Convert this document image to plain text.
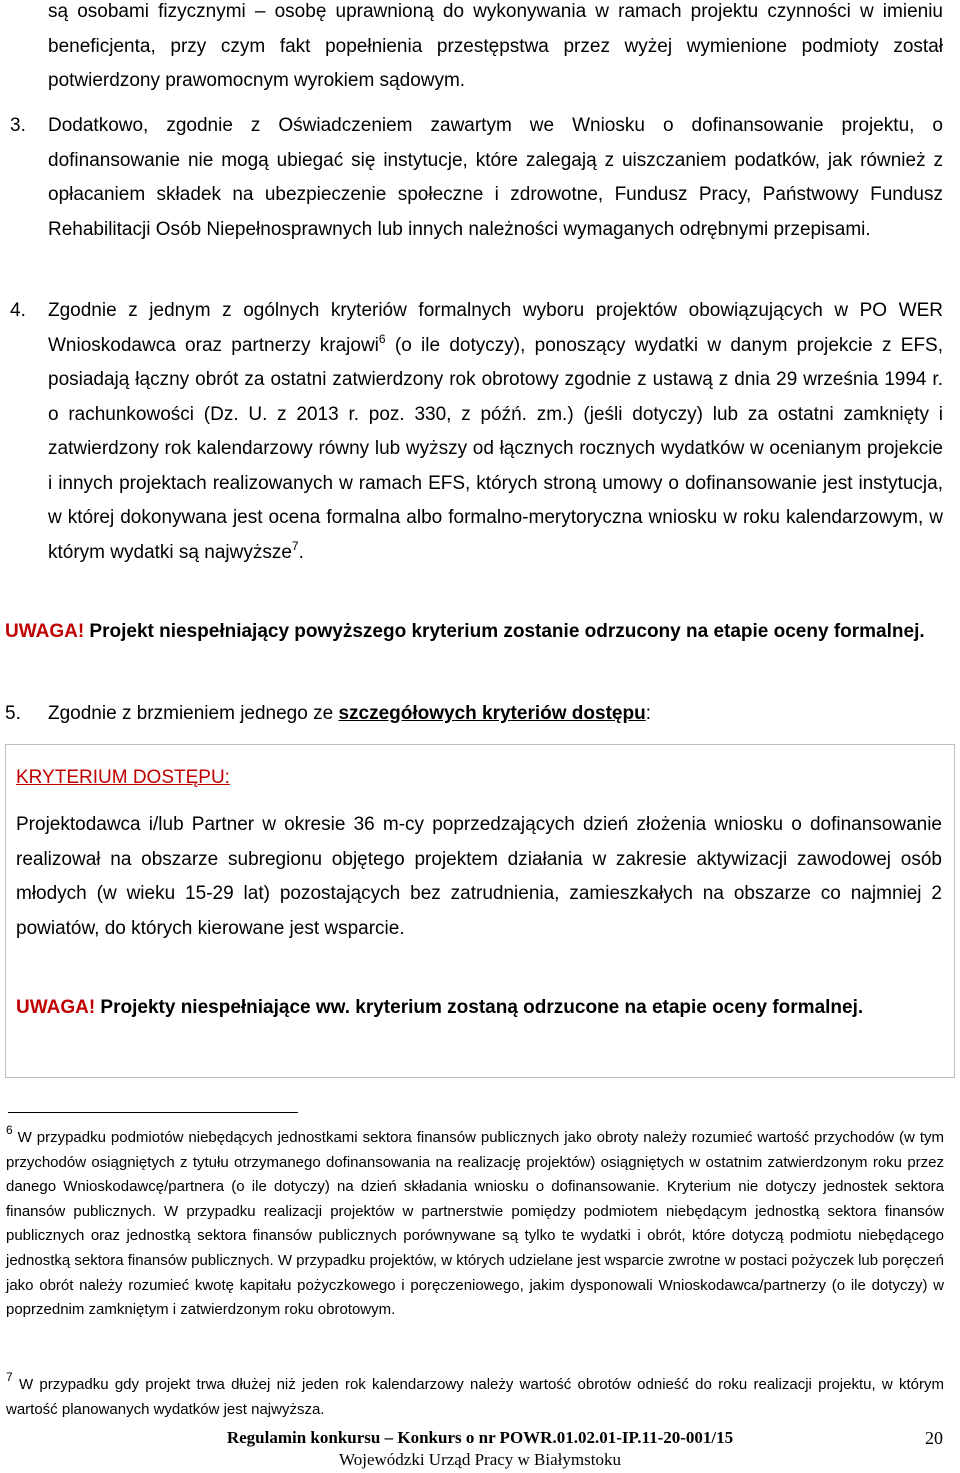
są osobami fizycznymi – osobę uprawnioną do wykonywania w ramach projektu czynności w imieniu beneficjenta, przy czym fakt popełnienia przestępstwa przez wyżej wymienione podmioty został potwierdzony prawomocnym wyrokiem sądowym.
3. Dodatkowo, zgodnie z Oświadczeniem zawartym we Wniosku o dofinansowanie projektu, o dofinansowanie nie mogą ubiegać się instytucje, które zalegają z uiszczaniem podatków, jak również z opłacaniem składek na ubezpieczenie społeczne i zdrowotne, Fundusz Pracy, Państwowy Fundusz Rehabilitacji Osób Niepełnosprawnych lub innych należności wymaganych odrębnymi przepisami.
4. Zgodnie z jednym z ogólnych kryteriów formalnych wyboru projektów obowiązujących w PO WER Wnioskodawca oraz partnerzy krajowi$^6$ (o ile dotyczy), ponoszący wydatki w danym projekcie z EFS, posiadają łączny obrót za ostatni zatwierdzony rok obrotowy zgodnie z ustawą z dnia 29 września 1994 r. o rachunkowości (Dz. U. z 2013 r. poz. 330, z późń. zm.) (jeśli dotyczy) lub za ostatni zamknięty i zatwierdzony rok kalendarzowy równy lub wyższy od łącznych rocznych wydatków w ocenianym projekcie i innych projektach realizowanych w ramach EFS, których stroną umowy o dofinansowanie jest instytucja, w której dokonywana jest ocena formalna albo formalno-merytoryczna wniosku w roku kalendarzowym, w którym wydatki są najwyższe$^7$.
UWAGA! Projekt niespełniający powyższego kryterium zostanie odrzucony na etapie oceny formalnej.
5. Zgodnie z brzmieniem jednego ze szczegółowych kryteriów dostępu:
KRYTERIUM DOSTĘPU:
Projektodawca i/lub Partner w okresie 36 m-cy poprzedzających dzień złożenia wniosku o dofinansowanie realizował na obszarze subregionu objętego projektem działania w zakresie aktywizacji zawodowej osób młodych (w wieku 15-29 lat) pozostających bez zatrudnienia, zamieszkałych na obszarze co najmniej 2 powiatów, do których kierowane jest wsparcie.
UWAGA! Projekty niespełniające ww. kryterium zostaną odrzucone na etapie oceny formalnej.
$^6$ W przypadku podmiotów niebędących jednostkami sektora finansów publicznych jako obroty należy rozumieć wartość przychodów (w tym przychodów osiągniętych z tytułu otrzymanego dofinansowania na realizację projektów) osiągniętych w ostatnim zatwierdzonym roku przez danego Wnioskodawcę/partnera (o ile dotyczy) na dzień składania wniosku o dofinansowanie. Kryterium nie dotyczy jednostek sektora finansów publicznych. W przypadku realizacji projektów w partnerstwie pomiędzy podmiotem niebędącym jednostką sektora finansów publicznych oraz jednostką sektora finansów publicznych porównywane są tylko te wydatki i obrót, które dotyczą podmiotu niebędącego jednostką sektora finansów publicznych. W przypadku projektów, w których udzielane jest wsparcie zwrotne w postaci pożyczek lub poręczeń jako obrót należy rozumieć kwotę kapitału pożyczkowego i poręczeniowego, jakim dysponowali Wnioskodawca/partnerzy (o ile dotyczy) w poprzednim zamkniętym i zatwierdzonym roku obrotowym.
$^7$ W przypadku gdy projekt trwa dłużej niż jeden rok kalendarzowy należy wartość obrotów odnieść do roku realizacji projektu, w którym wartość planowanych wydatków jest najwyższa.
Regulamin konkursu – Konkurs o nr POWR.01.02.01-IP.11-20-001/15
Wojewódzki Urząd Pracy w Białymstoku
20
